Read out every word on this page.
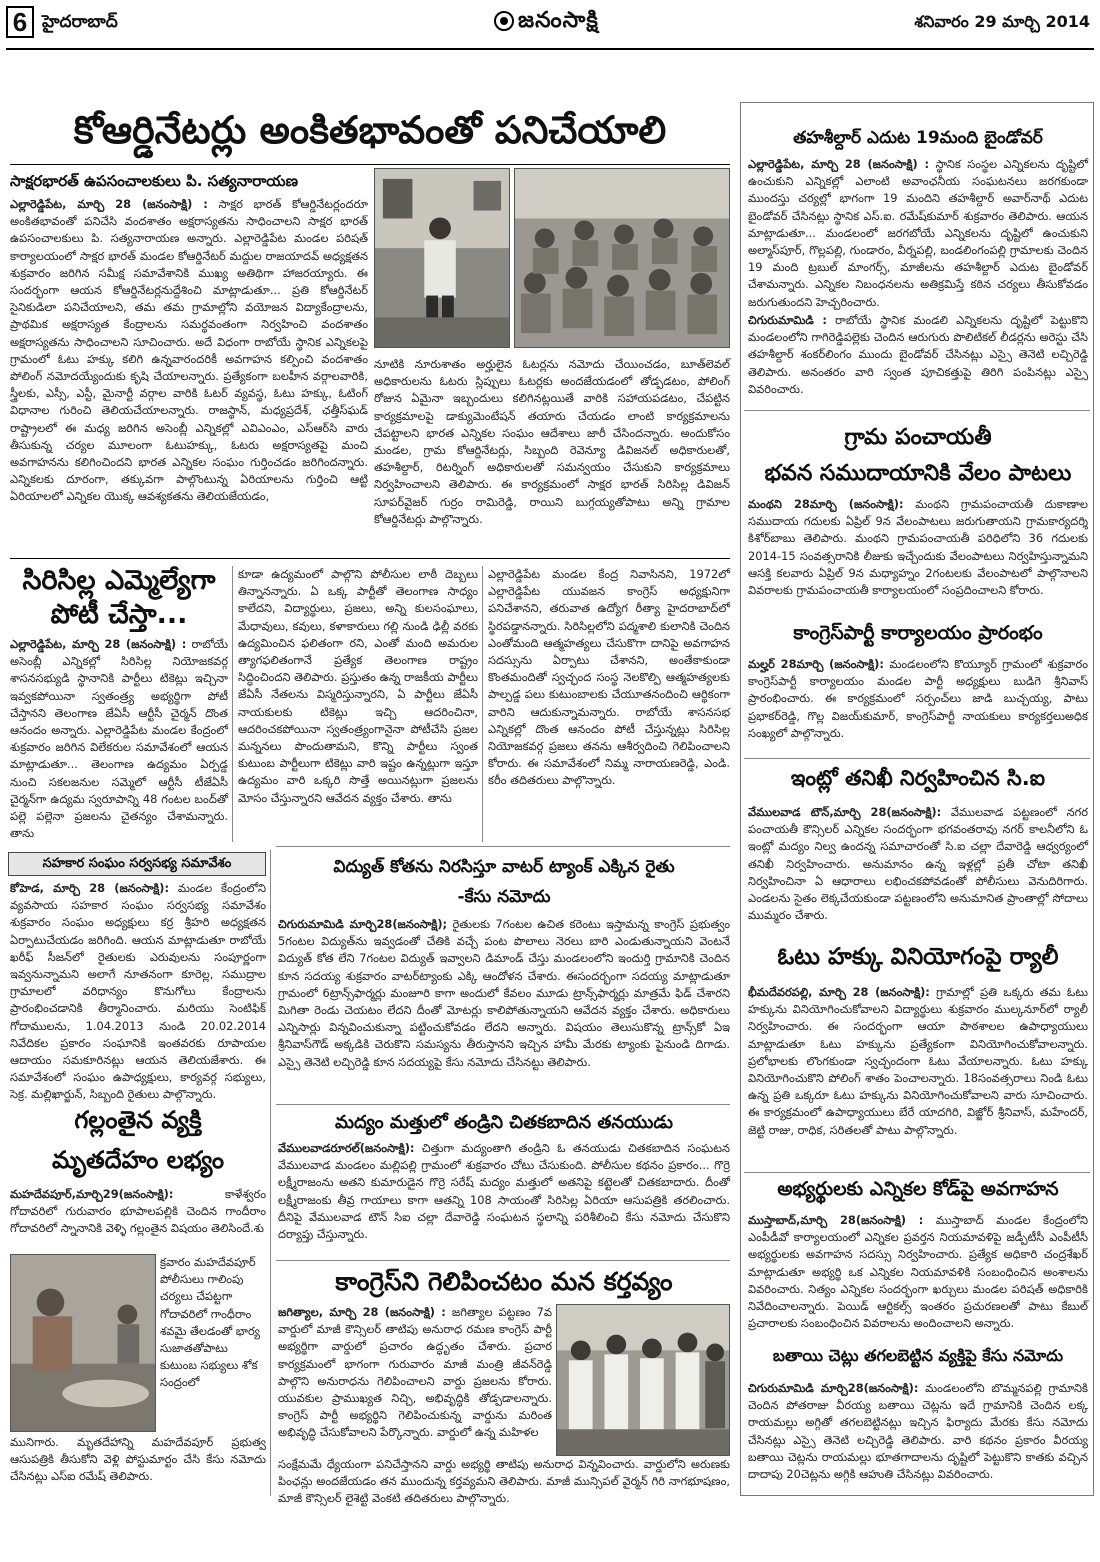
6 హైదరాబాద్	జనంసాక్షి	శనివారం 29 మార్చి 2014
కోఆర్డినేటర్లు అంకితభావంతో పనిచేయాలి
సాక్షరభారత్‌ ఉపసంచాలకులు పి. సత్యనారాయణ
ఎల్లారెడ్డిపేట, మార్చి 28 (జనంసాక్షి) : సాక్షర భారత్‌ కోఆర్డినేటర్లందరూ అంకితభావంతో పనిచేసి వందశాతం అక్షరాస్యతను సాధించాలని సాక్షర భారత్‌ ఉపసంచాలకులు పి. సత్యనారాయణ అన్నారు. ఎల్లారెడ్డిపేట మండల పరిషత్‌ కార్యాలయంలో సాక్షర భారత్‌ మండల కోఆర్డినేటర్‌ మద్దుల రాజయాదవ్‌ అధ్యక్షతన శుక్రవారం జరిగిన సమీక్ష సమావేశానికి ముఖ్య అతిథిగా హాజరయ్యారు. ఈ సందర్భంగా ఆయన కోఆర్డినేటర్లనుద్దేశించి మాట్లాడుతూ... ప్రతి కోఆర్డినేటర్‌ సైనికుడిలా పనిచేయాలని, తమ తమ గ్రామాల్లోని వయోజన విద్యాకేంద్రాలను, ప్రాథమిక అక్షరాస్యత కేంద్రాలను సమర్థవంతంగా నిర్వహించి వందశాతం అక్షరాస్యతను సాధించాలని సూచించారు. అదే విధంగా రాబోయే స్థానిక ఎన్నికలపై గ్రామంలో ఓటు హక్కు కలిగి ఉన్నవారందరికీ అవగాహన కల్పించి వందశాతం పోలింగ్‌ నమోదయ్యేందుకు కృషి చేయాలన్నారు. ప్రత్యేకంగా బలహీన వర్గాలవారికి, స్త్రీలకు, ఎస్సీ, ఎస్టీ, మైనార్టీ వర్గాల వారికి ఓటర్‌ వ్యవస్థ, ఓటు హక్కు, ఓటింగ్‌ విధానాల గురించి తెలియచేయాలన్నారు. రాజస్థాన్‌, మధ్యప్రదేశ్‌, ఛత్తీస్‌ఘడ్‌ రాష్ట్రాలలో ఈ మధ్య జరిగిన అసెంబ్లీ ఎన్నికల్లో ఎవిఎంఎం, ఎస్‌ఆర్‌సి వారు తీసుకున్న చర్యల మూలంగా ఓటుహక్కు, ఓటరు అక్షరాస్యతపై మంచి అవగాహనను కలిగించిందని భారత ఎన్నికల సంఘం గుర్తించడం జరిగిందన్నారు. ఎన్నికలకు దూరంగా, తక్కువగా పాల్గొంటున్న ఏరియాలను గుర్తించి ఆట్టి ఏరియాలలో ఎన్నికల యొక్క ఆవశ్యకతను తెలియజేయడం,
నూటికి నూరుశాతం అర్హులైన ఓటర్లను నమోదు చేయించడం, బూత్‌లెవల్‌ అధికారులను ఓటరు స్లిప్పులు ఓటర్లకు అందజేయడంలో తోడ్పడటం, పోలింగ్‌ రోజున ఏమైనా ఇబ్బందులు కలిగినట్లయితే వారికి సహాయపడటం, చేపట్టిన కార్యక్రమాలపై డాక్యుమెంటేషన్‌ తయారు చేయడం లాంటి కార్యక్రమాలను చేపట్టాలని భారత ఎన్నికల సంఘం ఆదేశాలు జారీ చేసిందన్నారు. అందుకోసం మండల, గ్రామ కోఆర్డినేటర్లు, సిబ్బంది రెవెన్యూ డివిజనల్‌ అధికారులతో, తహశీల్దార్‌, రిటర్నింగ్‌ అధికారులతో సమన్వయం చేసుకుని కార్యక్రమాలు నిర్వహించాలని తెలిపారు. ఈ కార్యక్రమంలో సాక్షర భారత్‌ సిరిసిల్ల డివిజన్‌ సూపర్‌వైజర్‌ గుర్రం రామిరెడ్డి, రాయిని బుగ్గయ్యతోపాటు అన్ని గ్రామాల కోఆర్డినేటర్లు పాల్గొన్నారు.
తహశీల్దార్‌ ఎదుట 19మంది బైండోవర్‌
ఎల్లారెడ్డిపేట, మార్చి 28 (జనంసాక్షి) : స్థానిక సంస్థల ఎన్నికలను దృష్టిలో ఉంచుకుని ఎన్నికల్లో ఎలాంటి అవాంఛనీయ సంఘటనలు జరగకుండా ముందస్తు చర్యల్లో భాగంగా 19 మందిని తహశీల్దార్‌ అవార్‌నాథ్‌ ఎదుట బైండోవర్‌ చేసినట్లు స్థానిక ఎస్‌.ఐ. రమేష్‌కుమార్‌ శుక్రవారం తెలిపారు. ఆయన మాట్లాడుతూ... మండలంలో జరగబోయే ఎన్నికలను దృష్టిలో ఉంచుకుని అల్మాస్‌పూర్‌, గొల్లపల్లి, గుండారం, వీర్నపల్లి, బండలింగంపల్లి గ్రామాలకు చెందిన 19 మంది ట్రబుల్‌ మాంగర్స్‌, మాజీలను తహశీల్దార్‌ ఎదుట బైండోవర్‌ చేశామన్నారు. ఎన్నికల నిబంధనలను అతిక్రమిస్తే కఠిన చర్యలు తీసుకోవడం జరుగుతుందని హెచ్చరించారు.
చిగురుమామిడి : రాబోయే స్థానిక మండలి ఎన్నికలను దృష్టిలో పెట్టుకొని మండలంలోని గాగిరెడ్డిపల్లెకు చెందిన ఆరుగురు పొలిటికల్‌ లీడర్లను అరెస్టు చేసి తహశీల్దార్‌ శంకర్‌లింగం ముందు బైండోవర్‌ చేసినట్లు ఎస్సై తెనెటి లచ్చిరెడ్డి తెలిపారు. అనంతరం వారి స్వంత పూచికత్తుపై తిరిగి పంపినట్లు ఎస్సై వివరించారు.
గ్రామ పంచాయతీ
భవన సముదాయానికి వేలం పాటలు
మంథని 28మార్చి (జనంసాక్షి): మంథని గ్రామపంచాయతీ దుకాణాల సముదాయ గదులకు ఏప్రిల్‌ 9న వేలంపాటలు జరుగుతాయని గ్రామకార్యదర్శి కిశోర్‌బాబు తెలిపారు. మంథని గ్రామపంచాయతీ పరిధిలోని 36 గదులకు 2014-15 సంవత్సరానికి లీజుకు ఇచ్చేందుకు వేలంపాటలు నిర్వహిస్తున్నామని ఆసక్తి కలవారు ఏప్రిల్‌ 9న మధ్యాహ్నం 2గంటలకు వేలంపాటలో పాల్గొనాలని వివరాలకు గ్రామపంచాయతీ కార్యాలయంలో సంప్రదించాలని కోరారు.
కాంగ్రెస్‌పార్టీ కార్యాలయం ప్రారంభం
మల్హర్‌ 28మార్చి (జనంసాక్షి): మండలంలోని కొయ్యూర్‌ గ్రామంలో శుక్రవారం కాంగ్రెస్‌పార్టీ కార్యాలయం మండల పార్టీ అధ్యక్షులు బుడిగె శ్రీనివాస్‌ ప్రారంభించారు. ఈ కార్యక్రమంలో సర్పంచ్‌లు జాడి బుచ్చయ్య, పాటు ప్రభాకర్‌రెడ్డి, గొల్ల విజయ్‌కుమార్‌, కాంగ్రెస్‌పార్టీ నాయకులు కార్యకర్తలుఅధిక సంఖ్యలో పాల్గొన్నారు.
ఇంట్లో తనిఖీ నిర్వహించిన సి.ఐ
వేములవాడ టౌన్‌,మార్చి 28(జనంసాక్షి): వేములవాడ పట్టణంలో నగర పంచాయతీ కౌన్సిలర్‌ ఎన్నికల సందర్భంగా భగవంతరావు నగర్‌ కాలనీలోని ఓ ఇంట్లో మద్యం నిల్వ ఉందన్న సమాచారంతో సి.ఐ చల్లా దేవారెడ్డి ఆధ్వర్యంలో తనిఖీ నిర్వహించారు. అనుమానం ఉన్న ఇళ్లల్లో ప్రతీ చోటా తనిఖీ నిర్వహించినా ఏ ఆధారాలు లభించకపోవడంతో పోలీసులు వెనుదిరిగారు. ఎండలను సైతం లెక్కచేయకుండా పట్టణంలోని అనుమానిత ప్రాంతాల్లో సోదాలు ముమ్మరం చేశారు.
ఓటు హక్కు వినియోగంపై ర్యాలీ
భీమదేవరపల్లి, మార్చి 28 (జనంసాక్షి): గ్రామాల్లో ప్రతి ఒక్కరు తమ ఓటు హక్కును వినియోగించుకోవాలని విద్యార్థులు శుక్రవారం ముల్కనూర్‌లో ర్యాలీ నిర్వహించారు. ఈ సందర్భంగా ఆయా పాఠశాలల ఉపాధ్యాయులు మాట్లాడుతూ ఓటు హక్కును ప్రత్యేకంగా వినియోగించుకోవాలన్నారు. ప్రలోభాలకు లొంగకుండా స్వచ్ఛందంగా ఓటు వేయాలన్నారు. ఓటు హక్కు వినియోగించుకొని పోలింగ్‌ శాతం పెంచాలన్నారు. 18సంవత్సరాలు నిండి ఓటు ఉన్న ప్రతి ఒక్కరూ ఓటు హక్కును వినియోగించుకోవాలని వారు సూచించారు. ఈ కార్యక్రమంలో ఉపాధ్యాయులు బేరే యాదగిరి, విజ్జోర్‌ శ్రీనివాస్‌, మహేందర్‌, జెట్టి రాజు, రాధిక, సరితలతో పాటు పాల్గొన్నారు.
అభ్యర్థులకు ఎన్నికల కోడ్‌పై అవగాహన
ముస్తాబాద్‌,మార్చి 28(జనంసాక్షి) : ముస్తాబాద్‌ మండల కేంద్రంలోని ఎంపీడీవో కార్యాలయంలో ఎన్నికల ప్రవర్తన నియమావళిపై జడ్పీటీసీ ఎంపీటీసీ అభ్యర్థులకు అవగాహన సదస్సు నిర్వహించారు. ప్రత్యేక అధికారి చంద్రశేఖర్‌ మాట్లాడుతూ అభ్యర్థి ఒక ఎన్నికల నియమావళికి సంబంధించిన అంశాలను వివరించారు. నిత్యం ఎన్నికల సందర్భంగా ఖర్చులు మండల పరిషత్‌ అధికారికి నివేదించాలన్నారు. పెయిడ్‌ ఆర్టికల్స్‌ ఇంతరం ప్రచురణలతో పాటు కేబుల్‌ ప్రచారాలకు సంబంధించిన వివరాలను అందించాలని అన్నారు.
బతాయి చెట్లు తగలబెట్టిన వ్యక్తిపై కేసు నమోదు
చిగురుమామిడి మార్చి28(జనంసాక్షి): మండలంలోని బొమ్మనపల్లి గ్రామానికి చెందిన పోతరాజు వీరయ్య బతాయి చెట్లను ఇదే గ్రామానికి చెందిన లక్క రాయమల్లు అగ్గితో తగలబెట్టినట్లు ఇచ్చిన ఫిర్యాదు మేరకు కేసు నమోదు చేసినట్లు ఎస్సై తెనెటి లచ్చిరెడ్డి తెలిపారు. వారి కథనం ప్రకారం వీరయ్య బతాయి చెట్లను రాయమల్లు భూతగాదాలను దృష్టిలో పెట్టుకొని కాతకు వచ్చిన దాదాపు 20చెట్లను అగ్గికి ఆహుతి చేసినట్లు వివరించారు.
సిరిసిల్ల ఎమ్మెల్యేగా
పోటీ చేస్తా...
ఎల్లారెడ్డిపేట, మార్చి 28 (జనంసాక్షి) : రాబోయే అసెంబ్లీ ఎన్నికల్లో సిరిసిల్ల నియోజకవర్గ శాసనసభ్యుడి స్థానానికి పార్టీలు టికెట్లు ఇచ్చినా ఇవ్వకపోయినా స్వతంత్ర్య అభ్యర్థిగా పోటీ చేస్తానని తెలంగాణ జేఏసీ ఆర్టీసీ చైర్మన్‌ దొంత ఆనందం అన్నారు. ఎల్లారెడ్డిపేట మండల కేంద్రంలో శుక్రవారం జరిగిన విలేకరుల సమావేశంలో ఆయన మాట్లాడుతూ... తెలంగాణ ఉద్యమం ఏర్పడ్డ నుంచి సకలజనుల సమ్మెలో ఆర్టీసీ టీజేఏసీ చైర్మన్‌గా ఉద్యమ స్వరూపాన్ని 48 గంటల బంద్‌తో పల్లె పల్లెనా ప్రజలను చైతన్యం చేశామన్నారు. తాను
కూడా ఉద్యమంలో పాల్గొని పోలీసుల లాఠీ దెబ్బలు తిన్నానన్నారు. ఏ ఒక్క పార్టీతో తెలంగాణ సాధ్యం కాలేదని, విద్యార్థులు, ప్రజలు, అన్ని కులసంఘాలు, మేధావులు, కవులు, కళాకారులు గల్లి నుండి ఢిల్లీ వరకు ఉద్యమించిన ఫలితంగా రని, ఎంతో మంది అమరుల త్యాగఫలితంగానే ప్రత్యేక తెలంగాణ రాష్ట్రం సిద్ధించిందని తెలిపారు. ప్రస్తుతం ఉన్న రాజకీయ పార్టీలు జేఏసీ నేతలను విస్మరిస్తున్నారని, ఏ పార్టీలు జేఏసీ నాయకులకు టికెట్లు ఇచ్చి ఆదరించినా, ఆదరించకపోయినా స్వతంత్ర్యంగానైనా పోటీచేసి ప్రజల మన్ననలు పొందుతామని, కొన్ని పార్టీలు స్వంత కుటుంబ పార్టీలుగా టికెట్లు వారి ఇష్టం ఉన్నట్లుగా ఇస్తూ ఉద్యమం వారి ఒక్కరి సొత్తే అయినట్లుగా ప్రజలను మోసం చేస్తున్నారని ఆవేదన వ్యక్తం చేశారు. తాను
ఎల్లారెడ్డిపేట మండల కేంద్ర నివాసినని, 1972లో ఎల్లారెడ్డిపేట యువజన కాంగ్రెస్‌ అధ్యక్షునిగా పనిచేశానని, తరువాత ఉద్యోగ రీత్యా హైదరాబాద్‌లో స్థిరపడ్డానన్నారు. సిరిసిల్లలోని పద్మశాలి కులానికి చెందిన ఎంతోమంది ఆత్మహత్యలు చేసుకొగా దానిపై అవగాహన సదస్సును ఏర్పాటు చేశానని, అంతేకాకుండా కొంతమందితో స్వచ్ఛంద సంస్థ నెలకొల్పి ఆత్మహత్యలకు పాల్పడ్డ పలు కుటుంబాలకు చేయూతనందించి ఆర్థికంగా వారిని ఆదుకున్నామన్నారు. రాబోయే శాసనసభ ఎన్నికల్లో దొంత ఆనందం పోటీ చేస్తున్నట్లు సిరిసిల్ల నియోజకవర్గ ప్రజలు తనను ఆశీర్వదించి గెలిపించాలని కోరారు. ఈ సమావేశంలో నిమ్మ నారాయణరెడ్డి, ఎండి. కరీం తదితరులు పాల్గొన్నారు.
సహకార సంఘం సర్వసభ్య సమావేశం
కోహెడ, మార్చి 28 (జనంసాక్షి): మండల కేంద్రంలోని వ్యవసాయ సహకార సంఘం సర్వసభ్య సమావేశం శుక్రవారం సంఘం అధ్యక్షులు కర్ర శ్రీహరి అధ్యక్షతన ఏర్పాటుచేయడం జరిగింది. ఆయన మాట్లాడుతూ రాబోయే ఖరీఫ్‌ సీజన్‌లో రైతులకు ఎరువులను సంపూర్ణంగా ఇవ్వనున్నామని అలాగే నూతనంగా కూరెల్ల, సముద్రాల గ్రామాలలో వరిధాన్యం కొనుగోలు కేంద్రాలను ప్రారంభించడానికి తీర్మానించారు. మరియు సెంటిఫిక్‌ గోదాములను, 1.04.2013 నుండి 20.02.2014 నివేదికల ప్రకారం సంఘానికి ఇంతవరకు రూపాయల ఆదాయం సమకూరినట్లు ఆయన తెలియజేశారు. ఈ సమావేశంలో సంఘం ఉపాధ్యక్షులు, కార్యవర్గ సభ్యులు, సెక్ర. మల్లిఖార్జున్‌, సిబ్బంది రైతులు పాల్గొన్నారు.
గల్లంతైన వ్యక్తి
మృతదేహం లభ్యం
మహదేవపూర్‌,మార్చి29(జనంసాక్షి):	కాళేశ్వరం గోదావరిలో గురువారం భూపాలపల్లికి చెందిన గాందీరాం గోదావరిలో స్నానానికి వెళ్ళి గల్లంతైన విషయం తెలిసిందే.శు
క్రవారం మహదేవపూర్‌ పోలీసులు గాలింపు చర్యలు చేపట్టగా గోదావరిలో గాంధీరాం శవమై తేలడంతో భార్య సుజాతతోపాటు కుటుంబ సభ్యులు శోక సంద్రంలో
మునిగారు. మృతదేహాన్ని మహదేవపూర్‌ ప్రభుత్వ ఆసుపత్రికి తీసుకోని వెళ్లి పోస్టుమార్టం చేసి కేసు నమోదు చేసినట్లు ఎస్‌ఐ రమేష్‌ తెలిపారు.
విద్యుత్‌ కోతను నిరసిస్తూ వాటర్‌ ట్యాంక్‌ ఎక్కిన రైతు
-కేసు నమోదు
చిగురుమామిడి మార్చి28(జనంసాక్షి); రైతులకు 7గంటల ఉచిత కరెంటు ఇస్తామన్న కాంగ్రెస్‌ ప్రభుత్వం 5గంటల విద్యుత్‌ను ఇవ్వడంతో చేతికి వచ్చే పంట పొలాలు నెరలు బారి ఎండుతున్నాయని వెంటనే విద్యుత్‌ కోత లేని 7గంటల విద్యుత్‌ ఇవ్వాలని డిమాండ్‌ చేస్తు మండలంలోని ఇందుర్తి గ్రామానికి చెందిన కూన సదయ్య శుక్రవారం వాటర్‌ట్యాంకు ఎక్కి ఆందోళన చేశారు. ఈసందర్భంగా సదయ్య మాట్లాడుతూ గ్రామంలో 6ట్రాన్స్‌ఫార్మర్లు మంజూరి కాగా అందులో కేవలం మూడు ట్రాన్స్‌ఫార్మర్లు మాత్రమే ఫిడ్‌ చేశారని మిగితా రెండు చెయటం లేదని దీంతో మోటర్లు కాలిపోతున్నాయని ఆవేదన వ్యక్తం చేశారు. అధికారులు ఎన్నిసార్లు విన్నవించుకున్నా పట్టించుకోవడం లేదని అన్నారు. విషయం తెలుసుకొన్న ట్రాన్స్‌కో ఏఇ శ్రీనివాస్‌గౌడ్‌ అక్కడికి చెరుకొని సమస్యను తీరుస్తానని ఇచ్చిన హామీ మేరకు ట్యాంకు పైనుండి దిగాడు. ఎస్సై తెనెటి లచ్చిరెడ్డి కూన సదయ్యపై కేసు నమోదు చేసినట్టు తెలిపారు.
మద్యం మత్తులో తండ్రిని చితకబాదిన తనయుడు
వేములవాడరూరల్‌(జనంసాక్షి): చిత్తుగా మద్యంతాగి తండ్రిని ఓ తనయుడు చితకబాదిన సంఘటన వేములవాడ మండలం మల్లిపల్లి గ్రామంలో శుక్రవారం చోటు చేసుకుంది. పోలీసుల కథనం ప్రకారం... గొర్రె లక్ష్మీరాజంను అతని కుమారుడైన గొర్రె సరేష్‌ మద్యం మత్తులో అతనిపై కట్టెలతో చితకబాదారు. దీంతో లక్ష్మీరాజంకు తీవ్ర గాయాలు కాగా ఆతన్ని 108 సాయంతో సిరిసిల్ల ఏరియా ఆసుపత్రికి తరలించారు. దీనిపై వేములవాడ టౌన్‌ సిఐ చల్లా దేవారెడ్డి సంఘటన స్థలాన్ని పరిశీలించి కేసు నమోదు చేసుకొని దర్యాప్తు చేస్తున్నారు.
కాంగ్రెస్‌ని గెలిపించటం మన కర్తవ్యం
జగిత్యాల, మార్చి 28 (జనంసాక్షి) : జగిత్యాల పట్టణం 7వ వార్డులో మాజీ కౌన్సిలర్‌ తాటిపు అనురాధ రమణ కాంగ్రెస్‌ పార్టీ అభ్యర్థిగా వార్డులో ప్రచారం ఉద్ధృతం చేశారు. ప్రచార కార్యక్రమంలో భాగంగా గురువారం మాజీ మంత్రి జీవన్‌రెడ్డి పాల్గొని అనురాధను గెలిపించాలని వార్డు ప్రజలను కోరారు. యువకుల ప్రాముఖ్యత నిచ్చి, అభివృద్ధికి తోడ్పడాలన్నారు. కాంగ్రెస్‌ పార్టీ అభ్యర్థిని గెలిపించుకున్న వార్డును మరింత అభివృద్ధి చేసుకోవాలని పేర్కొన్నారు. వార్డులో ఉన్న మహిళల
సంక్షేమమే ధ్యేయంగా పనిచేస్తానని వార్డు అభ్యర్థి తాటిపు అనురాధ విన్నవించారు. వార్డులోని అరుణకు పింఛన్లు అందజేయడం తన ముందున్న కర్తవ్యమని తెలిపారు. మాజీ మున్సిపల్‌ వైర్మన్‌ గిరి నాగభూషణం, మాజీ కౌన్సిలర్‌ లైశెట్టి వెంకటి తదితరులు పాల్గొన్నారు.
